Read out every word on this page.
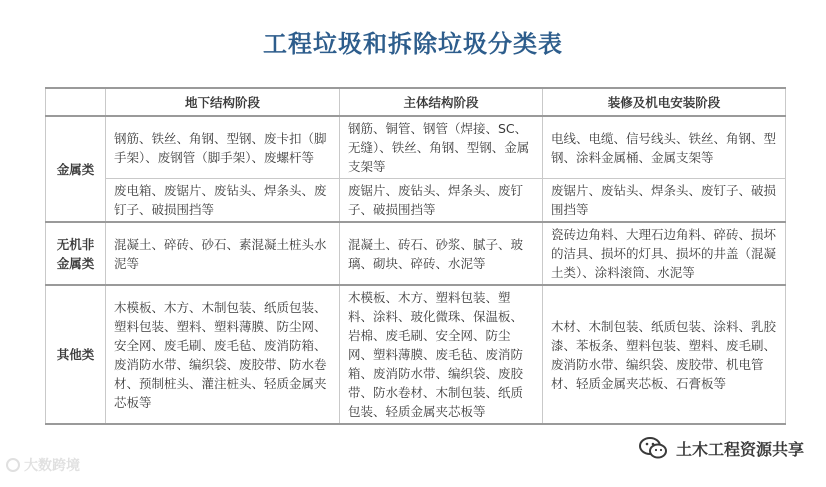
工程垃圾和拆除垃圾分类表
	地下结构阶段	主体结构阶段	装修及机电安装阶段
金属类	钢筋、铁丝、角钢、型钢、废卡扣（脚手架）、废钢管（脚手架）、废螺杆等	钢筋、铜管、钢管（焊接、SC、无缝）、铁丝、角钢、型钢、金属支架等	电线、电缆、信号线头、铁丝、角钢、型钢、涂料金属桶、金属支架等
	废电箱、废锯片、废钻头、焊条头、废钉子、破损围挡等	废锯片、废钻头、焊条头、废钉子、破损围挡等	废锯片、废钻头、焊条头、废钉子、破损围挡等
无机非金属类	混凝土、碎砖、砂石、素混凝土桩头水泥等	混凝土、砖石、砂浆、腻子、玻璃、砌块、碎砖、水泥等	瓷砖边角料、大理石边角料、碎砖、损坏的洁具、损坏的灯具、损坏的井盖（混凝土类）、涂料滚筒、水泥等
其他类	木模板、木方、木制包装、纸质包装、塑料包装、塑料、塑料薄膜、防尘网、安全网、废毛刷、废毛毡、废消防箱、废消防水带、编织袋、废胶带、防水卷材、预制桩头、灌注桩头、轻质金属夹芯板等	木模板、木方、塑料包装、塑料、涂料、玻化微珠、保温板、岩棉、废毛刷、安全网、防尘网、塑料薄膜、废毛毡、废消防箱、废消防水带、编织袋、废胶带、防水卷材、木制包装、纸质包装、轻质金属夹芯板等	木材、木制包装、纸质包装、涂料、乳胶漆、苯板条、塑料包装、塑料、废毛刷、废消防水带、编织袋、废胶带、机电管材、轻质金属夹芯板、石膏板等
大数跨境
土木工程资源共享
